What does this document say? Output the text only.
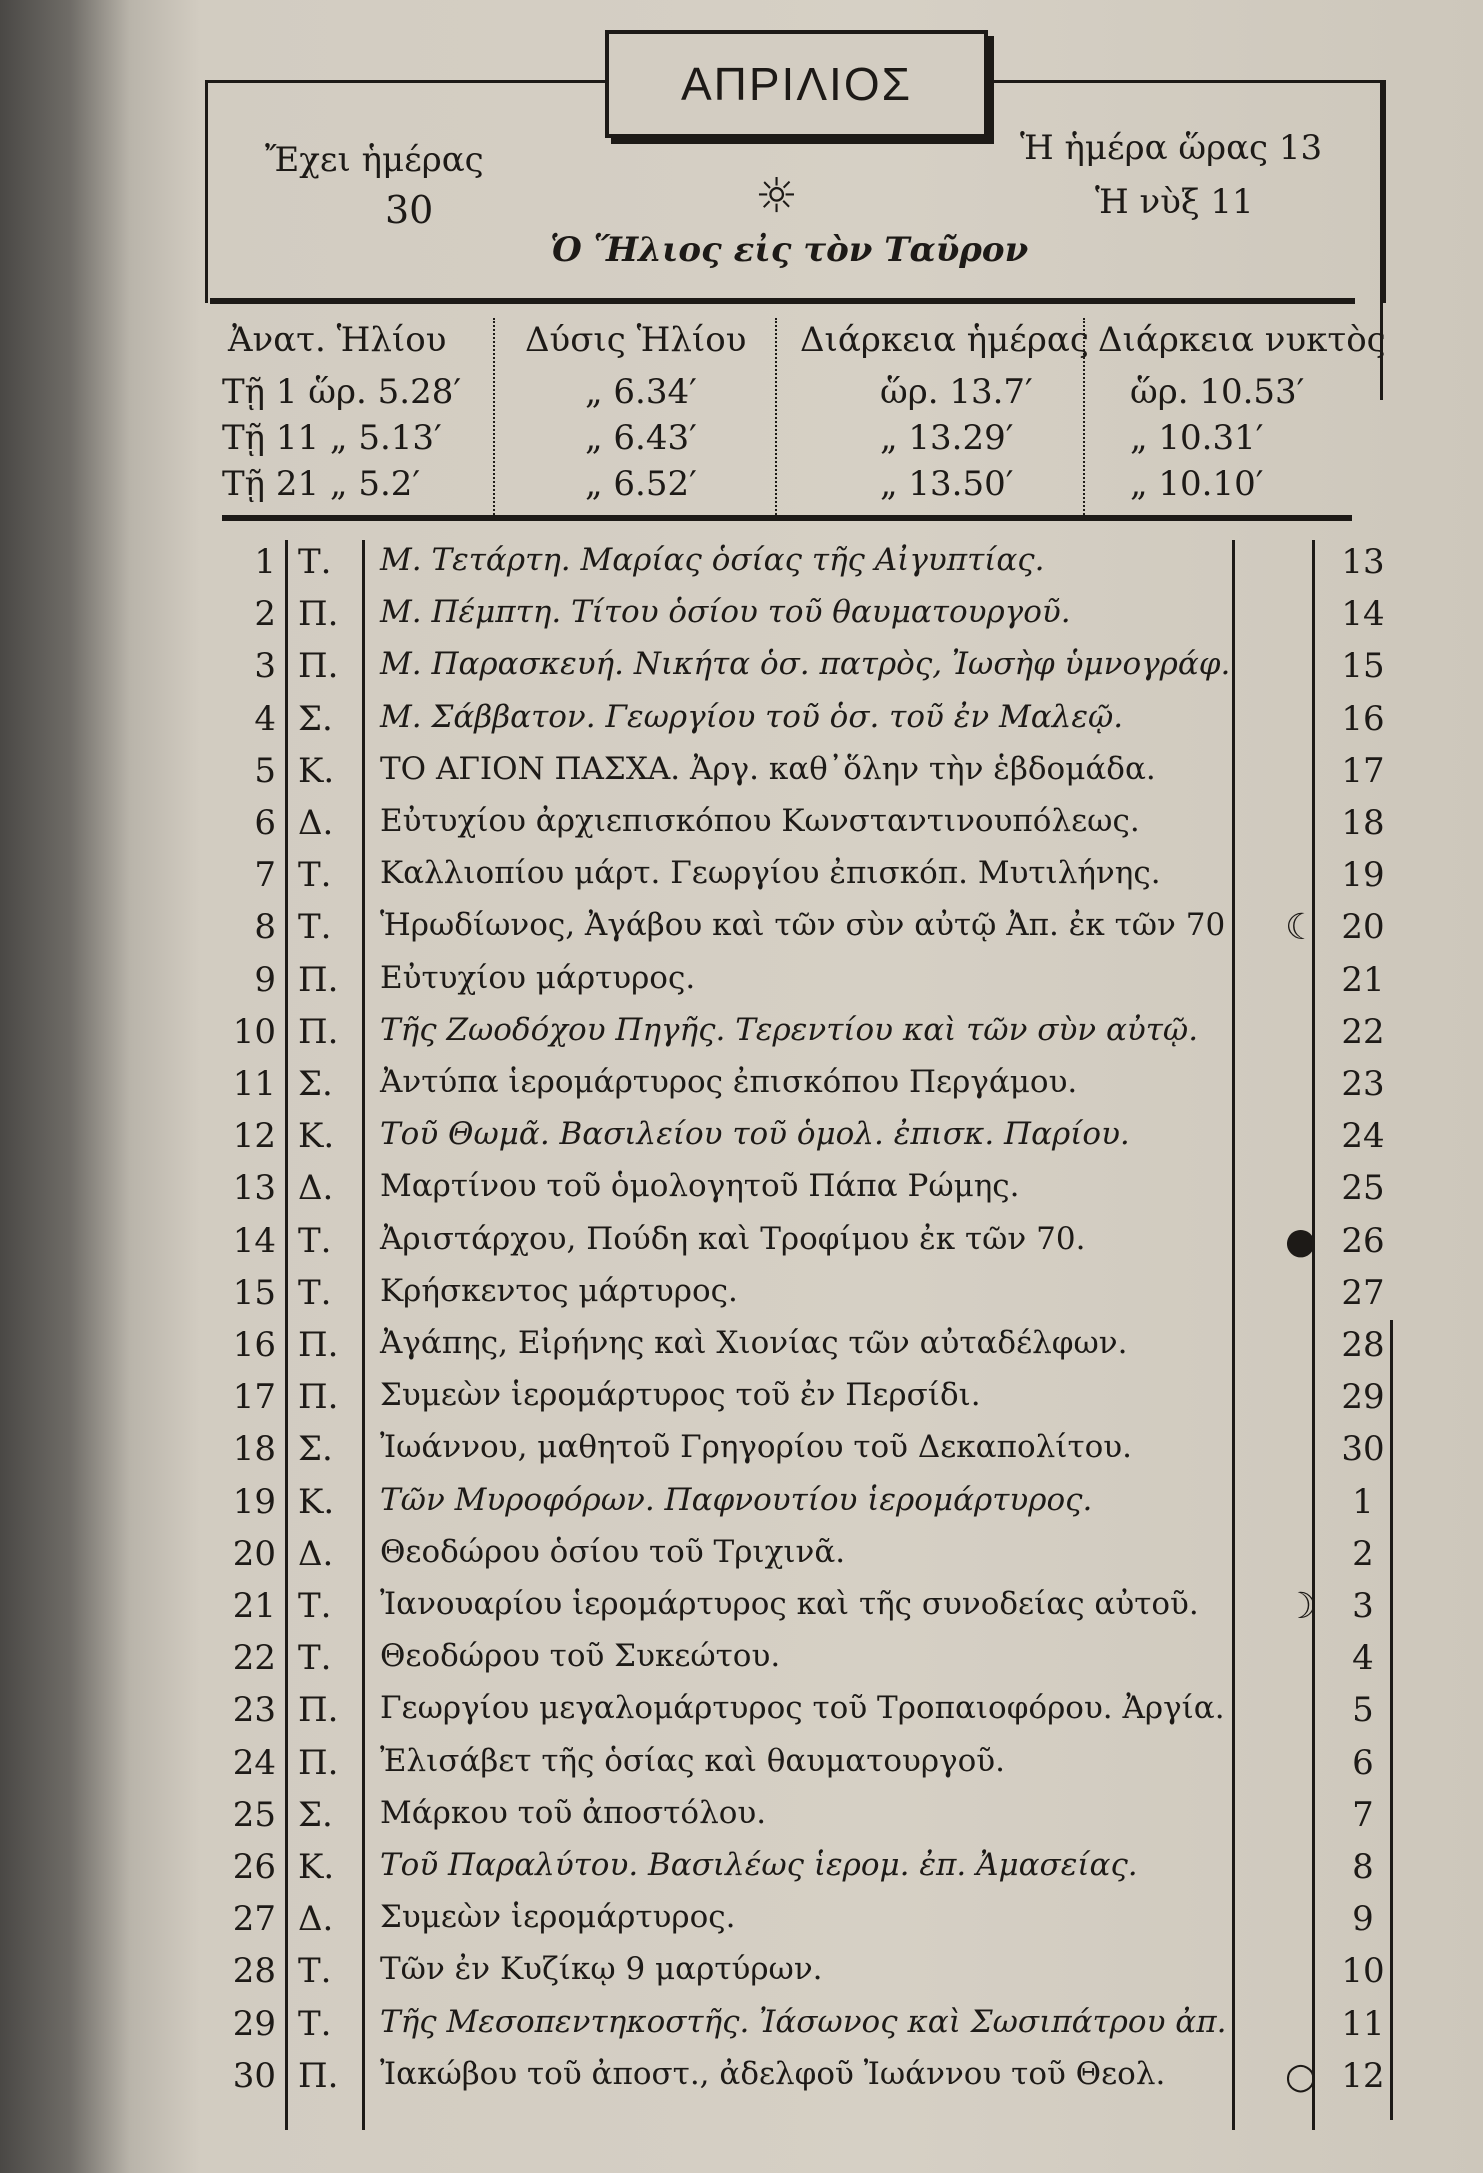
ΑΠΡΙΛΙΟΣ
Ἔχει ἡμέρας
30
Ἡ ἡμέρα ὥρας 13
Ἡ νὺξ 11
☼
Ὁ Ἥλιος εἰς τὸν Ταῦρον
Ἀνατ. Ἡλίου Δύσις Ἡλίου Διάρκεια ἡμέρας Διάρκεια νυκτὸς
Τῇ 1 ὥρ. 5.28′	„ 6.34′	ὥρ. 13.7′	ὥρ. 10.53′
Τῇ 11 „ 5.13′	„ 6.43′	„ 13.29′	„ 10.31′
Τῇ 21 „ 5.2′	„ 6.52′	„ 13.50′	„ 10.10′
1 Τ. Μ. Τετάρτη. Μαρίας ὁσίας τῆς Αἰγυπτίας.	13
2 Π. Μ. Πέμπτη. Τίτου ὁσίου τοῦ θαυματουργοῦ.	14
3 Π. Μ. Παρασκευή. Νικήτα ὁσ. πατρὸς, Ἰωσὴφ ὑμνογράφ.	15
4 Σ. Μ. Σάββατον. Γεωργίου τοῦ ὁσ. τοῦ ἐν Μαλεῷ.	16
5 Κ. ΤΟ ΑΓΙΟΝ ΠΑΣΧΑ. Ἀργ. καθ᾽ὅλην τὴν ἑβδομάδα.	17
6 Δ. Εὐτυχίου ἀρχιεπισκόπου Κωνσταντινουπόλεως.	18
7 Τ. Καλλιοπίου μάρτ. Γεωργίου ἐπισκόπ. Μυτιλήνης.	19
8 Τ. Ἡρωδίωνος, Ἀγάβου καὶ τῶν σὺν αὐτῷ Ἀπ. ἐκ τῶν 70 ☾ 20
9 Π. Εὐτυχίου μάρτυρος.	21
10 Π. Τῆς Ζωοδόχου Πηγῆς. Τερεντίου καὶ τῶν σὺν αὐτῷ.	22
11 Σ. Ἀντύπα ἱερομάρτυρος ἐπισκόπου Περγάμου.	23
12 Κ. Τοῦ Θωμᾶ. Βασιλείου τοῦ ὁμολ. ἐπισκ. Παρίου.	24
13 Δ. Μαρτίνου τοῦ ὁμολογητοῦ Πάπα Ρώμης.	25
14 Τ. Ἀριστάρχου, Πούδη καὶ Τροφίμου ἐκ τῶν 70.	● 26
15 Τ. Κρήσκεντος μάρτυρος.	27
16 Π. Ἀγάπης, Εἰρήνης καὶ Χιονίας τῶν αὐταδέλφων.	28
17 Π. Συμεὼν ἱερομάρτυρος τοῦ ἐν Περσίδι.	29
18 Σ. Ἰωάννου, μαθητοῦ Γρηγορίου τοῦ Δεκαπολίτου.	30
19 Κ. Τῶν Μυροφόρων. Παφνουτίου ἱερομάρτυρος.	1
20 Δ. Θεοδώρου ὁσίου τοῦ Τριχινᾶ.	2
21 Τ. Ἰανουαρίου ἱερομάρτυρος καὶ τῆς συνοδείας αὐτοῦ. ☽	3
22 Τ. Θεοδώρου τοῦ Συκεώτου.	4
23 Π. Γεωργίου μεγαλομάρτυρος τοῦ Τροπαιοφόρου. Ἀργία.	5
24 Π. Ἐλισάβετ τῆς ὁσίας καὶ θαυματουργοῦ.	6
25 Σ. Μάρκου τοῦ ἀποστόλου.	7
26 Κ. Τοῦ Παραλύτου. Βασιλέως ἱερομ. ἐπ. Ἀμασείας.	8
27 Δ. Συμεὼν ἱερομάρτυρος.	9
28 Τ. Τῶν ἐν Κυζίκῳ 9 μαρτύρων.	10
29 Τ. Τῆς Μεσοπεντηκοστῆς. Ἰάσωνος καὶ Σωσιπάτρου ἀπ.	11
30 Π. Ἰακώβου τοῦ ἀποστ., ἀδελφοῦ Ἰωάννου τοῦ Θεολ.	○ 12
